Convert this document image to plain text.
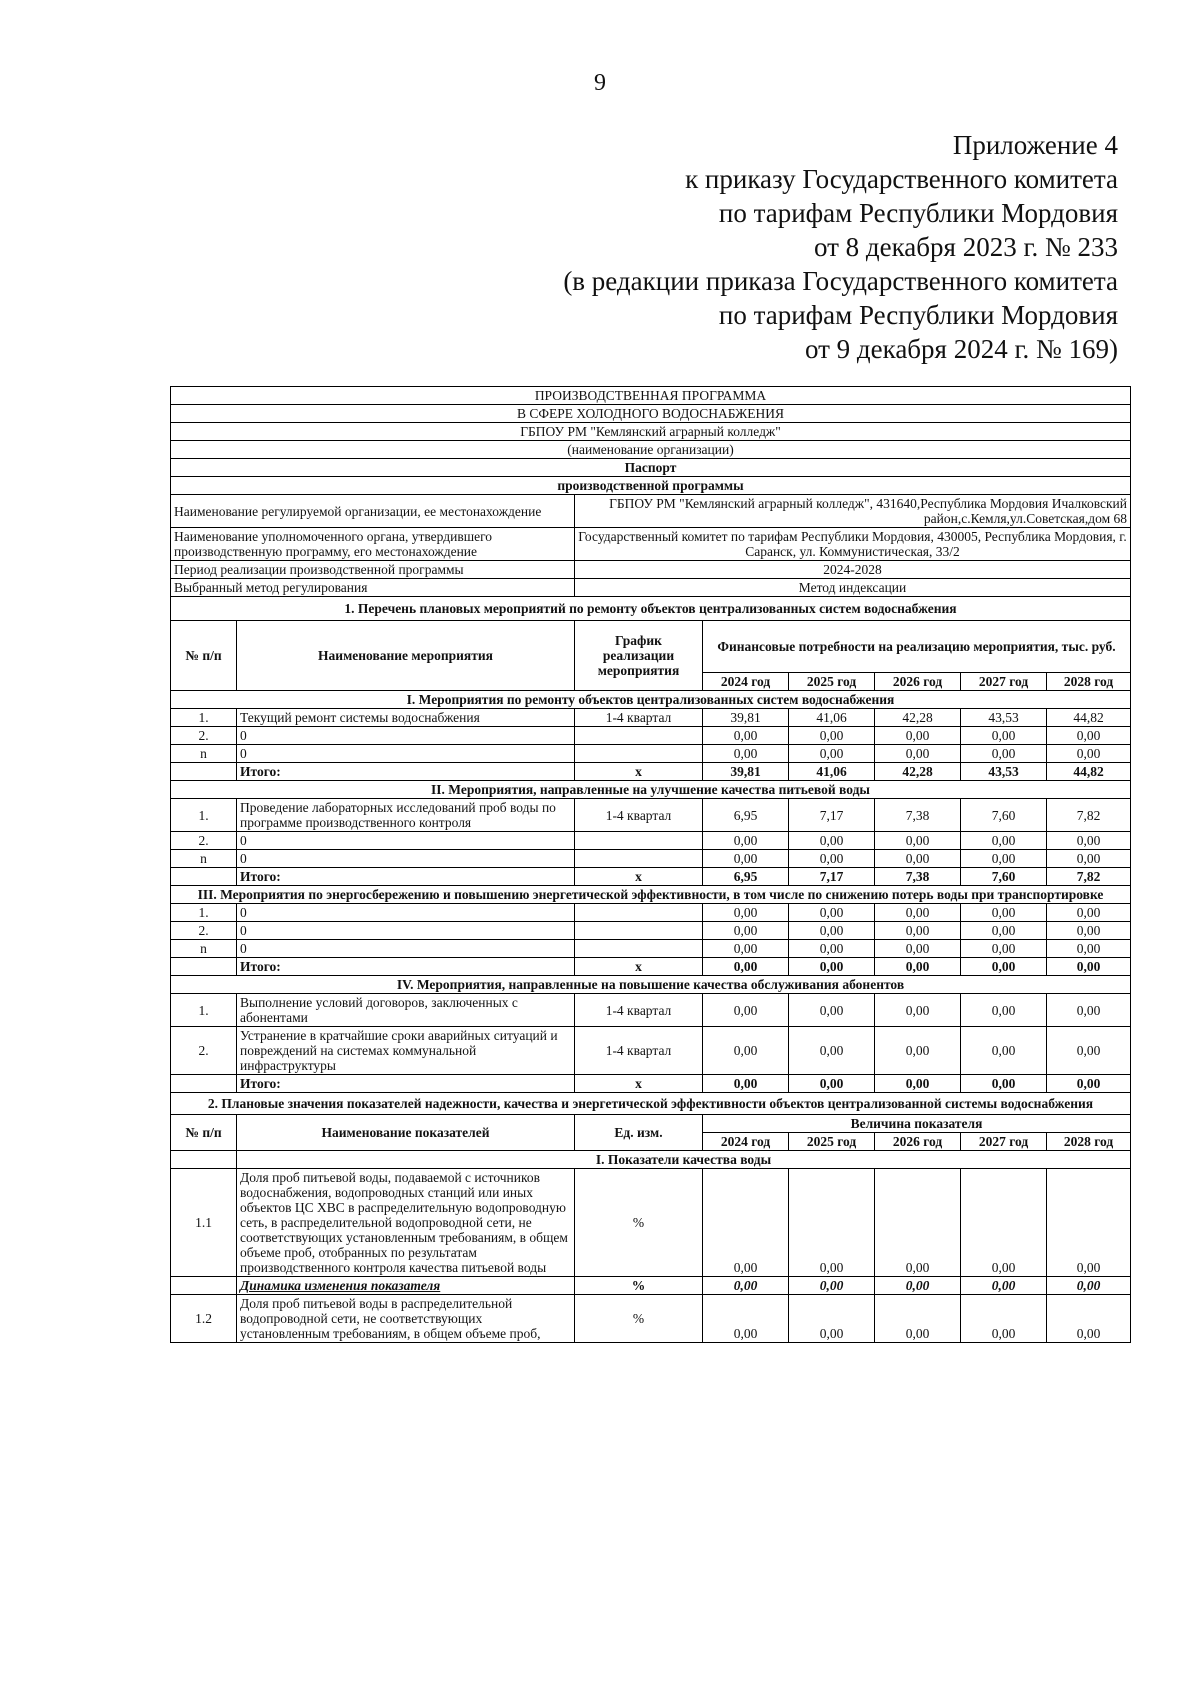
9
Приложение 4
к приказу Государственного комитета
по тарифам Республики Мордовия
от 8 декабря 2023 г. № 233
(в редакции приказа Государственного комитета
по тарифам Республики Мордовия
от 9 декабря 2024 г. № 169)
ПРОИЗВОДСТВЕННАЯ ПРОГРАММА							
В СФЕРЕ ХОЛОДНОГО ВОДОСНАБЖЕНИЯ							
ГБПОУ РМ "Кемлянский аграрный колледж"							
(наименование организации)							
Паспорт							
производственной программы							
Наименование регулируемой организации, ее местонахождение		ГБПОУ РМ "Кемлянский аграрный колледж", 431640,Республика Мордовия Ичалковский район,с.Кемля,ул.Советская,дом 68					
Наименование уполномоченного органа, утвердившего производственную программу, его местонахождение		Государственный комитет по тарифам Республики Мордовия, 430005, Республика Мордовия, г. Саранск, ул. Коммунистическая, 33/2					
Период реализации производственной программы		2024-2028					
Выбранный метод регулирования		Метод индексации					
1. Перечень плановых мероприятий по ремонту объектов централизованных систем водоснабжения							
№ п/п	Наименование мероприятия	График реализации мероприятия	Финансовые потребности на реализацию мероприятия, тыс. руб.				
			2024 год	2025 год	2026 год	2027 год	2028 год
I. Мероприятия по ремонту объектов централизованных систем водоснабжения							
1.	Текущий ремонт системы водоснабжения	1-4 квартал	39,81	41,06	42,28	43,53	44,82
2.	0		0,00	0,00	0,00	0,00	0,00
n	0		0,00	0,00	0,00	0,00	0,00
	Итого:	x	39,81	41,06	42,28	43,53	44,82
II. Мероприятия, направленные на улучшение качества питьевой воды							
1.	Проведение лабораторных исследований проб воды по программе производственного контроля	1-4 квартал	6,95	7,17	7,38	7,60	7,82
2.	0		0,00	0,00	0,00	0,00	0,00
n	0		0,00	0,00	0,00	0,00	0,00
	Итого:	x	6,95	7,17	7,38	7,60	7,82
III. Мероприятия по энергосбережению и повышению энергетической эффективности, в том числе по снижению потерь воды при транспортировке							
1.	0		0,00	0,00	0,00	0,00	0,00
2.	0		0,00	0,00	0,00	0,00	0,00
n	0		0,00	0,00	0,00	0,00	0,00
	Итого:	x	0,00	0,00	0,00	0,00	0,00
IV. Мероприятия, направленные на повышение качества обслуживания абонентов							
1.	Выполнение условий договоров, заключенных с абонентами	1-4 квартал	0,00	0,00	0,00	0,00	0,00
2.	Устранение в кратчайшие сроки аварийных ситуаций и повреждений на системах коммунальной инфраструктуры	1-4 квартал	0,00	0,00	0,00	0,00	0,00
	Итого:	x	0,00	0,00	0,00	0,00	0,00
2. Плановые значения показателей надежности, качества и энергетической эффективности объектов централизованной системы водоснабжения							
№ п/п	Наименование показателей	Ед. изм.	Величина показателя				
			2024 год	2025 год	2026 год	2027 год	2028 год
	I. Показатели качества воды						
1.1	Доля проб питьевой воды, подаваемой с источников водоснабжения, водопроводных станций или иных объектов ЦС ХВС в распределительную водопроводную сеть, в распределительной водопроводной сети, не соответствующих установленным требованиям, в общем объеме проб, отобранных по результатам производственного контроля качества питьевой воды	%	0,00	0,00	0,00	0,00	0,00
	Динамика изменения показателя	%	0,00	0,00	0,00	0,00	0,00
1.2	Доля проб питьевой воды в распределительной водопроводной сети, не соответствующих установленным требованиям, в общем объеме проб,	%	0,00	0,00	0,00	0,00	0,00
